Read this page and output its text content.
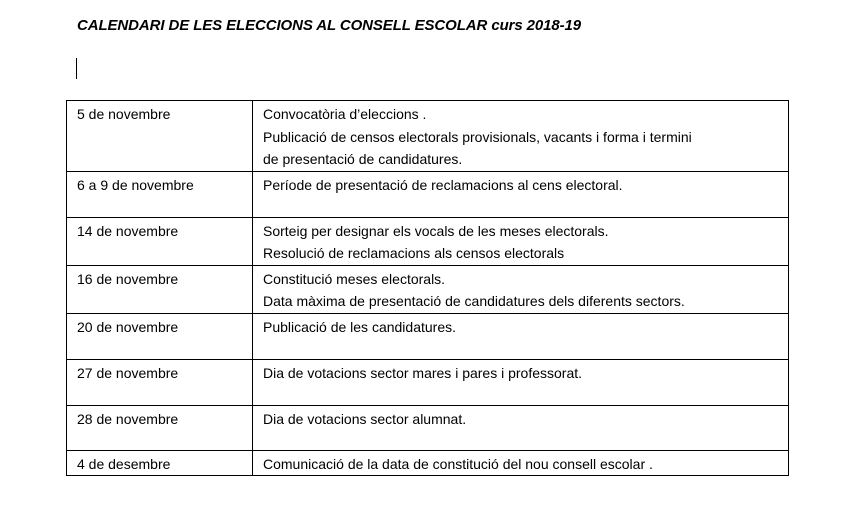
CALENDARI DE LES ELECCIONS AL CONSELL ESCOLAR curs 2018-19
5 de novembre	Convocatòria d’eleccions .
Publicació de censos electorals provisionals, vacants i forma i termini
de presentació de candidatures.

6 a 9 de novembre	Període de presentació de reclamacions al cens electoral.

14 de novembre	Sorteig per designar els vocals de les meses electorals.
Resolució de reclamacions als censos electorals

16 de novembre	Constitució meses electorals.
Data màxima de presentació de candidatures dels diferents sectors.

20 de novembre	Publicació de les candidatures.

27 de novembre	Dia de votacions sector mares i pares i professorat.

28 de novembre	Dia de votacions sector alumnat.

4 de desembre	Comunicació de la data de constitució del nou consell escolar .
